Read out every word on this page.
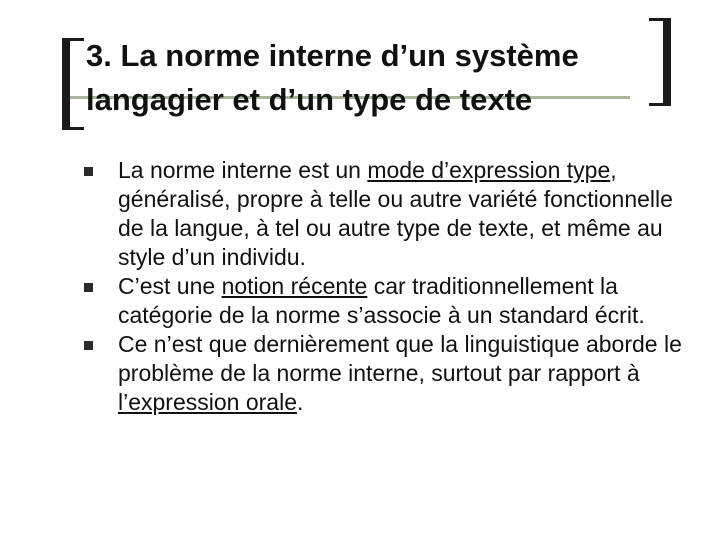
3. La norme interne d’un système
langagier et d’un type de texte

La norme interne est un mode d’expression type, généralisé, propre à telle ou autre variété fonctionnelle de la langue, à tel ou autre type de texte, et même au style d’un individu.

C’est une notion récente car traditionnellement la catégorie de la norme s’associe à un standard écrit.

Ce n’est que dernièrement que la linguistique aborde le problème de la norme interne, surtout par rapport à l’expression orale.
